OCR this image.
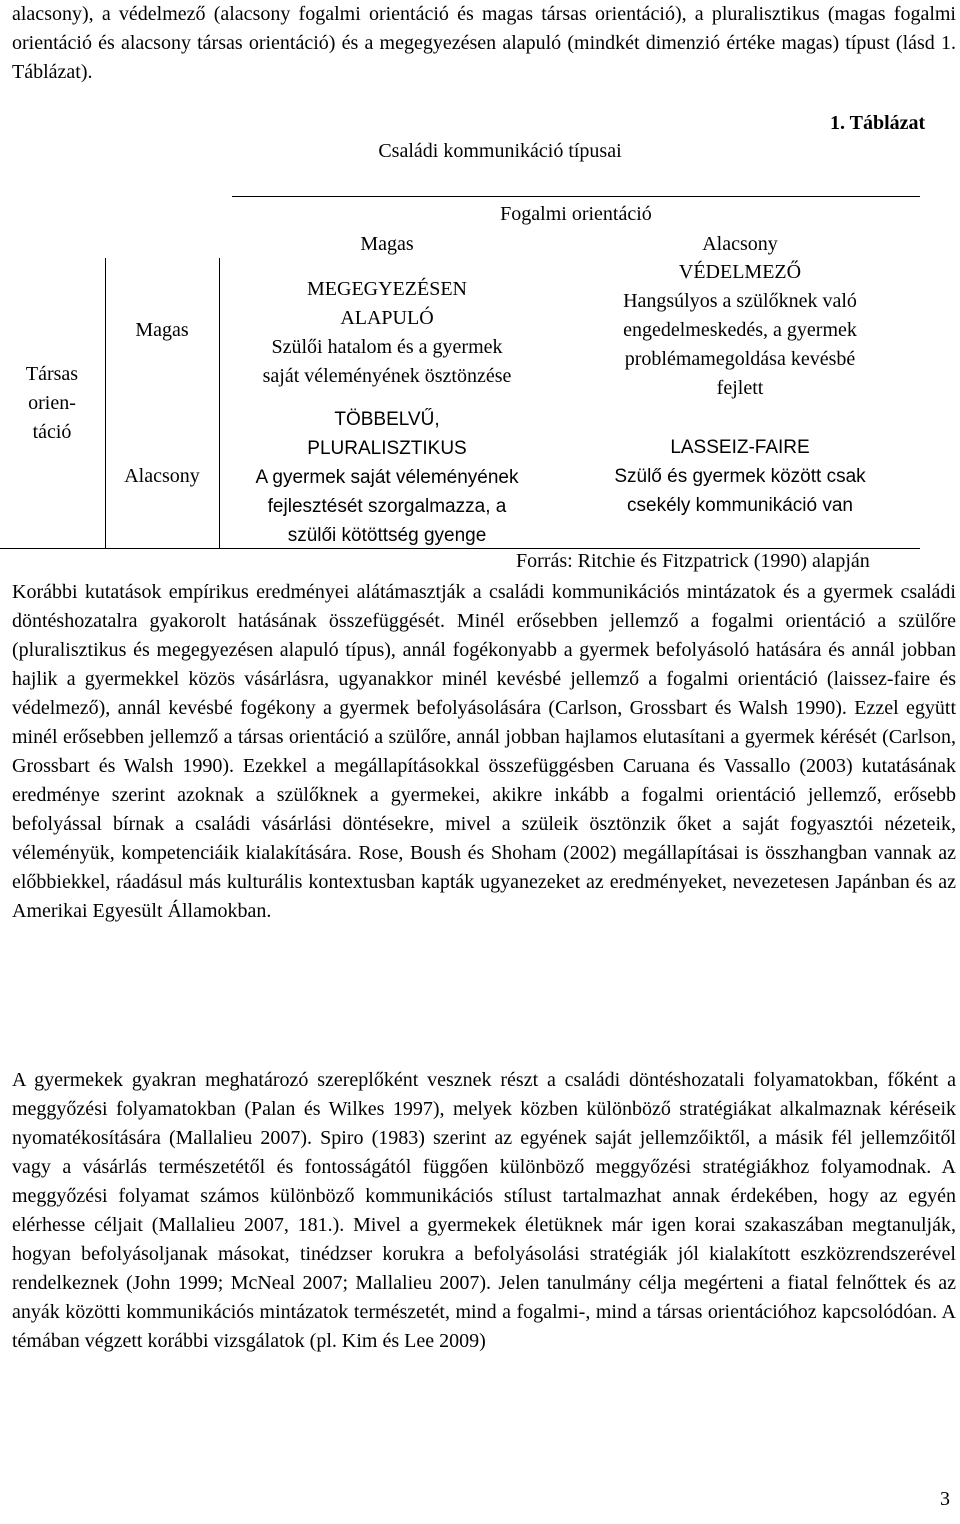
alacsony), a védelmező (alacsony fogalmi orientáció és magas társas orientáció), a pluralisztikus (magas fogalmi orientáció és alacsony társas orientáció) és a megegyezésen alapuló (mindkét dimenzió értéke magas) típust (lásd 1. Táblázat).
1. Táblázat
Családi kommunikáció típusai
Fogalmi orientáció
Magas	Alacsony
Társas
orien-
táció
Magas
Alacsony
MEGEGYEZÉSEN
ALAPULÓ
Szülői hatalom és a gyermek
saját véleményének ösztönzése
VÉDELMEZŐ
Hangsúlyos a szülőknek való
engedelmeskedés, a gyermek
problémamegoldása kevésbé
fejlett
TÖBBELVŰ,
PLURALISZTIKUS
A gyermek saját véleményének
fejlesztését szorgalmazza, a
szülői kötöttség gyenge
LASSEIZ-FAIRE
Szülő és gyermek között csak
csekély kommunikáció van
Forrás: Ritchie és Fitzpatrick (1990) alapján
Korábbi kutatások empírikus eredményei alátámasztják a családi kommunikációs mintázatok és a gyermek családi döntéshozatalra gyakorolt hatásának összefüggését. Minél erősebben jellemző a fogalmi orientáció a szülőre (pluralisztikus és megegyezésen alapuló típus), annál fogékonyabb a gyermek befolyásoló hatására és annál jobban hajlik a gyermekkel közös vásárlásra, ugyanakkor minél kevésbé jellemző a fogalmi orientáció (laissez-faire és védelmező), annál kevésbé fogékony a gyermek befolyásolására (Carlson, Grossbart és Walsh 1990). Ezzel együtt minél erősebben jellemző a társas orientáció a szülőre, annál jobban hajlamos elutasítani a gyermek kérését (Carlson, Grossbart és Walsh 1990). Ezekkel a megállapításokkal összefüggésben Caruana és Vassallo (2003) kutatásának eredménye szerint azoknak a szülőknek a gyermekei, akikre inkább a fogalmi orientáció jellemző, erősebb befolyással bírnak a családi vásárlási döntésekre, mivel a szüleik ösztönzik őket a saját fogyasztói nézeteik, véleményük, kompetenciáik kialakítására. Rose, Boush és Shoham (2002) megállapításai is összhangban vannak az előbbiekkel, ráadásul más kulturális kontextusban kapták ugyanezeket az eredményeket, nevezetesen Japánban és az Amerikai Egyesült Államokban.
A gyermekek gyakran meghatározó szereplőként vesznek részt a családi döntéshozatali folyamatokban, főként a meggyőzési folyamatokban (Palan és Wilkes 1997), melyek közben különböző stratégiákat alkalmaznak kéréseik nyomatékosítására (Mallalieu 2007). Spiro (1983) szerint az egyének saját jellemzőiktől, a másik fél jellemzőitől vagy a vásárlás természetétől és fontosságától függően különböző meggyőzési stratégiákhoz folyamodnak. A meggyőzési folyamat számos különböző kommunikációs stílust tartalmazhat annak érdekében, hogy az egyén elérhesse céljait (Mallalieu 2007, 181.). Mivel a gyermekek életüknek már igen korai szakaszában megtanulják, hogyan befolyásoljanak másokat, tinédzser korukra a befolyásolási stratégiák jól kialakított eszközrendszerével rendelkeznek (John 1999; McNeal 2007; Mallalieu 2007). Jelen tanulmány célja megérteni a fiatal felnőttek és az anyák közötti kommunikációs mintázatok természetét, mind a fogalmi-, mind a társas orientációhoz kapcsolódóan. A témában végzett korábbi vizsgálatok (pl. Kim és Lee 2009)
3
